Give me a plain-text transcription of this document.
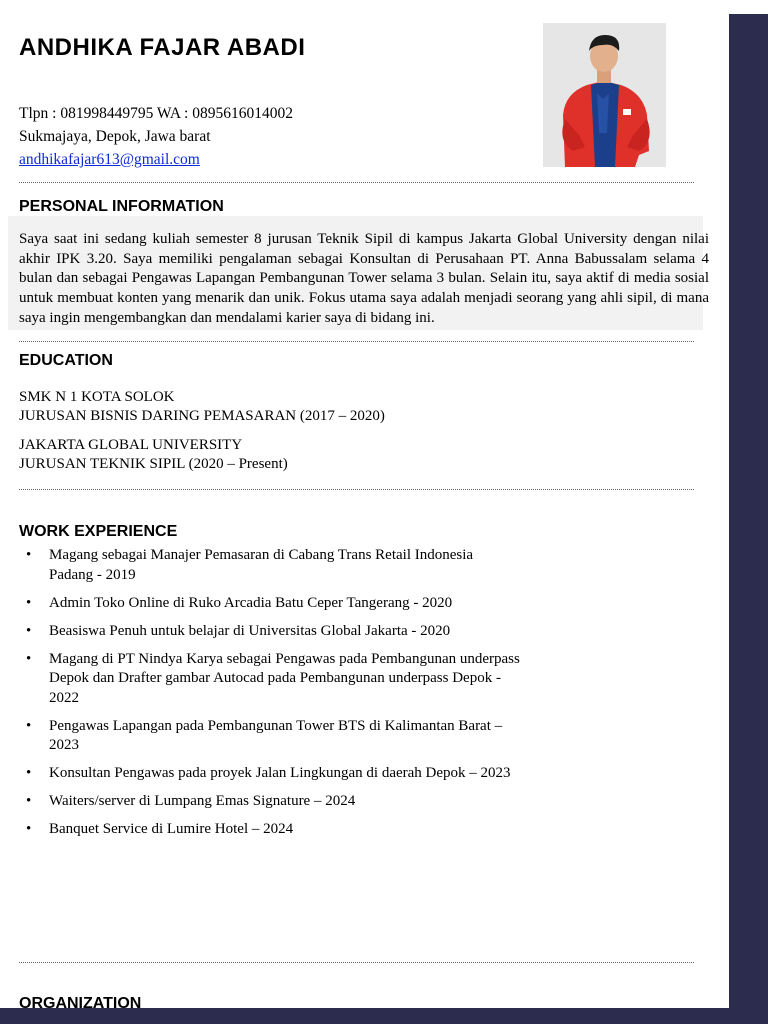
ANDHIKA FAJAR ABADI
Tlpn : 081998449795 WA : 0895616014002
Sukmajaya, Depok, Jawa barat
andhikafajar613@gmail.com
PERSONAL INFORMATION

Saya saat ini sedang kuliah semester 8 jurusan Teknik Sipil di kampus Jakarta Global University dengan nilai akhir IPK 3.20. Saya memiliki pengalaman sebagai Konsultan di Perusahaan PT. Anna Babussalam selama 4 bulan dan sebagai Pengawas Lapangan Pembangunan Tower selama 3 bulan. Selain itu, saya aktif di media sosial untuk membuat konten yang menarik dan unik. Fokus utama saya adalah menjadi seorang yang ahli sipil, di mana saya ingin mengembangkan dan mendalami karier saya di bidang ini.

EDUCATION
SMK N 1 KOTA SOLOK
JURUSAN BISNIS DARING PEMASARAN (2017 – 2020)
JAKARTA GLOBAL UNIVERSITY
JURUSAN TEKNIK SIPIL (2020 – Present)
WORK EXPERIENCE
• Magang sebagai Manajer Pemasaran di Cabang Trans Retail Indonesia Padang - 2019
• Admin Toko Online di Ruko Arcadia Batu Ceper Tangerang - 2020
• Beasiswa Penuh untuk belajar di Universitas Global Jakarta - 2020
• Magang di PT Nindya Karya sebagai Pengawas pada Pembangunan underpass Depok dan Drafter gambar Autocad pada Pembangunan underpass Depok - 2022
• Pengawas Lapangan pada Pembangunan Tower BTS di Kalimantan Barat – 2023
• Konsultan Pengawas pada proyek Jalan Lingkungan di daerah Depok – 2023
• Waiters/server di Lumpang Emas Signature – 2024
• Banquet Service di Lumire Hotel – 2024
ORGANIZATION
